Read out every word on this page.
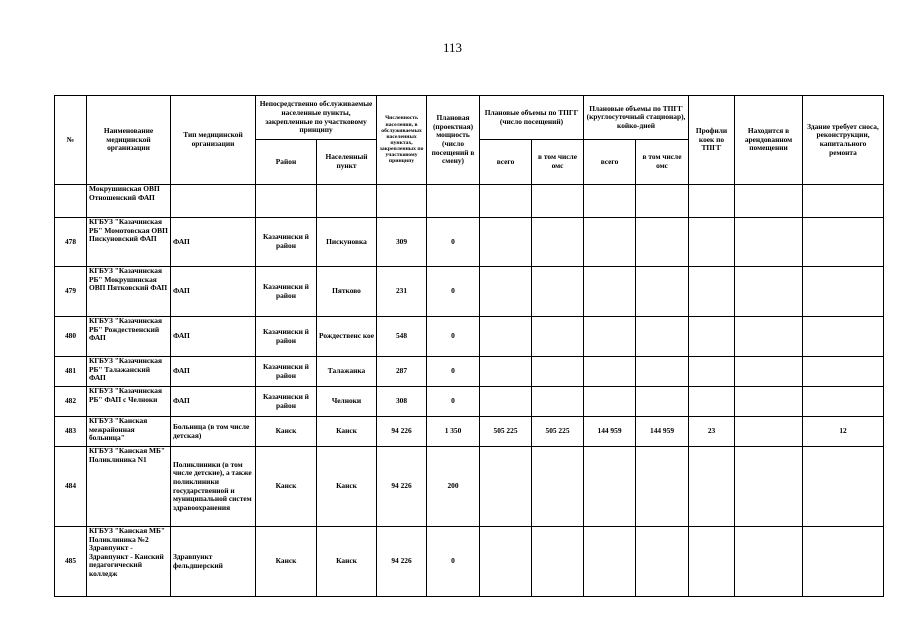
113
№	Наименование медицинской организации	Тип медицинской организации	Непосредственно обслуживаемые населенные пункты, закрепленные по участковому принципу		Численность населения, в обслуживаемых населенных пунктах, закрепленных по участковому принципу	Плановая (проектная) мощность (число посещений в смену)	Плановые объемы по ТПГГ (число посещений)		Плановые объемы по ТПГГ (круглосуточный стационар), койко-дней		Профили коек по ТПГГ	Находится в арендованном помещении	Здание требует сноса, реконструкции, капитального ремонта
			Район	Населенный пункт			всего	в том числе омс	всего	в том числе омс			
	Мокрушинская ОВП Отношенский ФАП												
478	КГБУЗ "Казачинская РБ" Момотовская ОВП Пискуновский ФАП	ФАП	Казачински й район	Пискуновка	309	0							
479	КГБУЗ "Казачинская РБ" Мокрушинская ОВП Пятковский ФАП	ФАП	Казачински й район	Пятково	231	0							
480	КГБУЗ "Казачинская РБ" Рождественский ФАП	ФАП	Казачински й район	Рождественс кое	548	0							
481	КГБУЗ "Казачинская РБ" Талажанский ФАП	ФАП	Казачински й район	Талажанка	287	0							
482	КГБУЗ "Казачинская РБ" ФАП с Челноки	ФАП	Казачински й район	Челноки	308	0							
483	КГБУЗ "Канская межрайонная больница"	Больница (в том числе детская)	Канск	Канск	94 226	1 350	505 225	505 225	144 959	144 959	23		12
484	КГБУЗ "Канская МБ" Поликлиника N1	Поликлиники (в том числе детские), а также поликлиники государственной и муниципальной систем здравоохранения	Канск	Канск	94 226	200							
485	КГБУЗ "Канская МБ" Поликлиника №2 Здравпункт - Здравпункт - Канский педагогический колледж	Здравпункт фельдшерский	Канск	Канск	94 226	0							
